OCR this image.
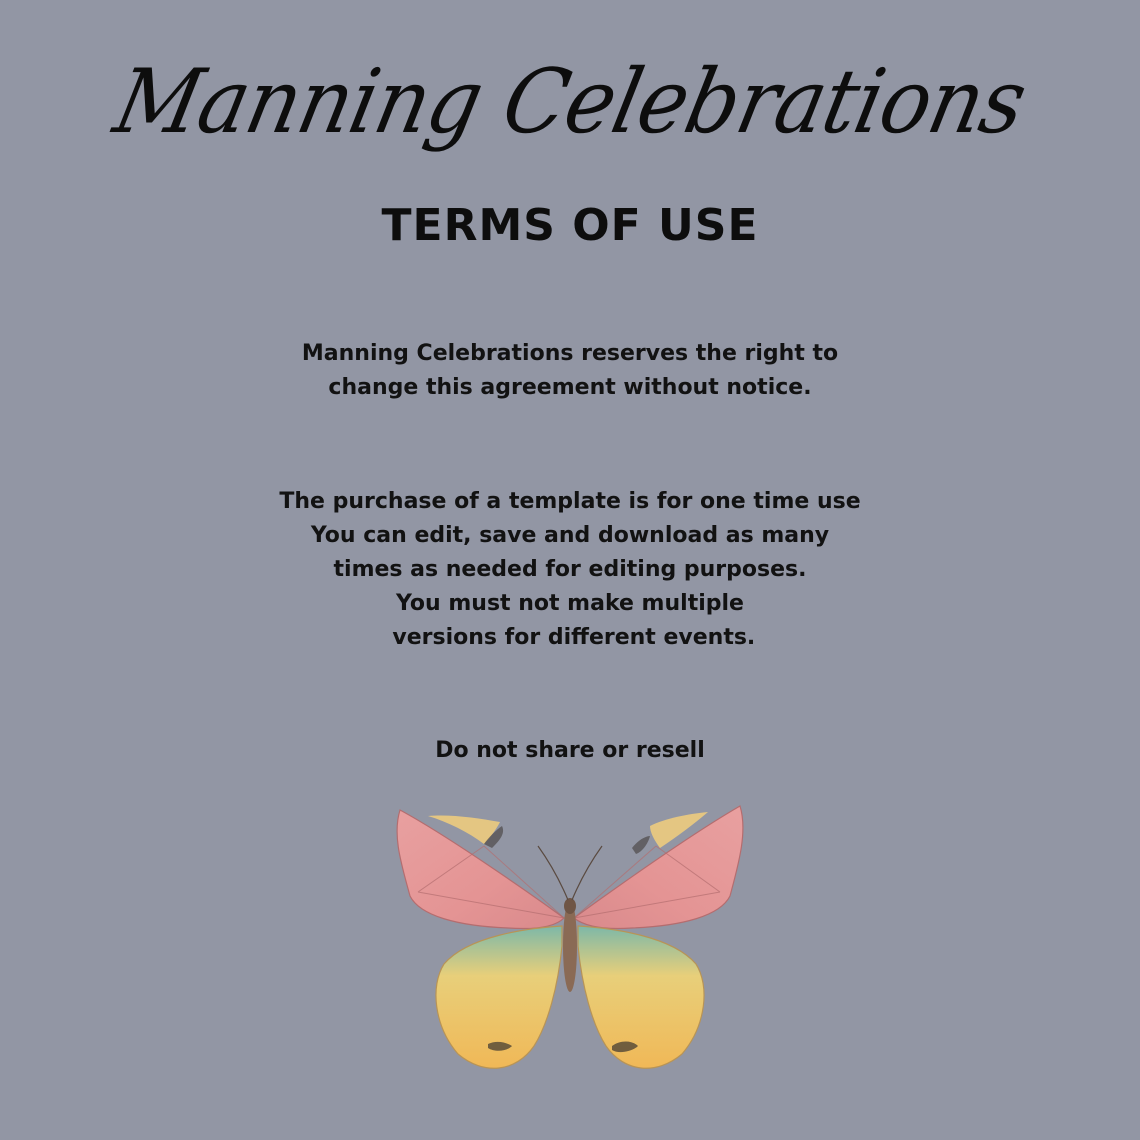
Manning Celebrations
TERMS OF USE
Manning Celebrations reserves the right to
change this agreement without notice.
The purchase of a template is for one time use
You can edit, save and download as many
times as needed for editing purposes.
You must not make multiple
versions for different events.
Do not share or resell
